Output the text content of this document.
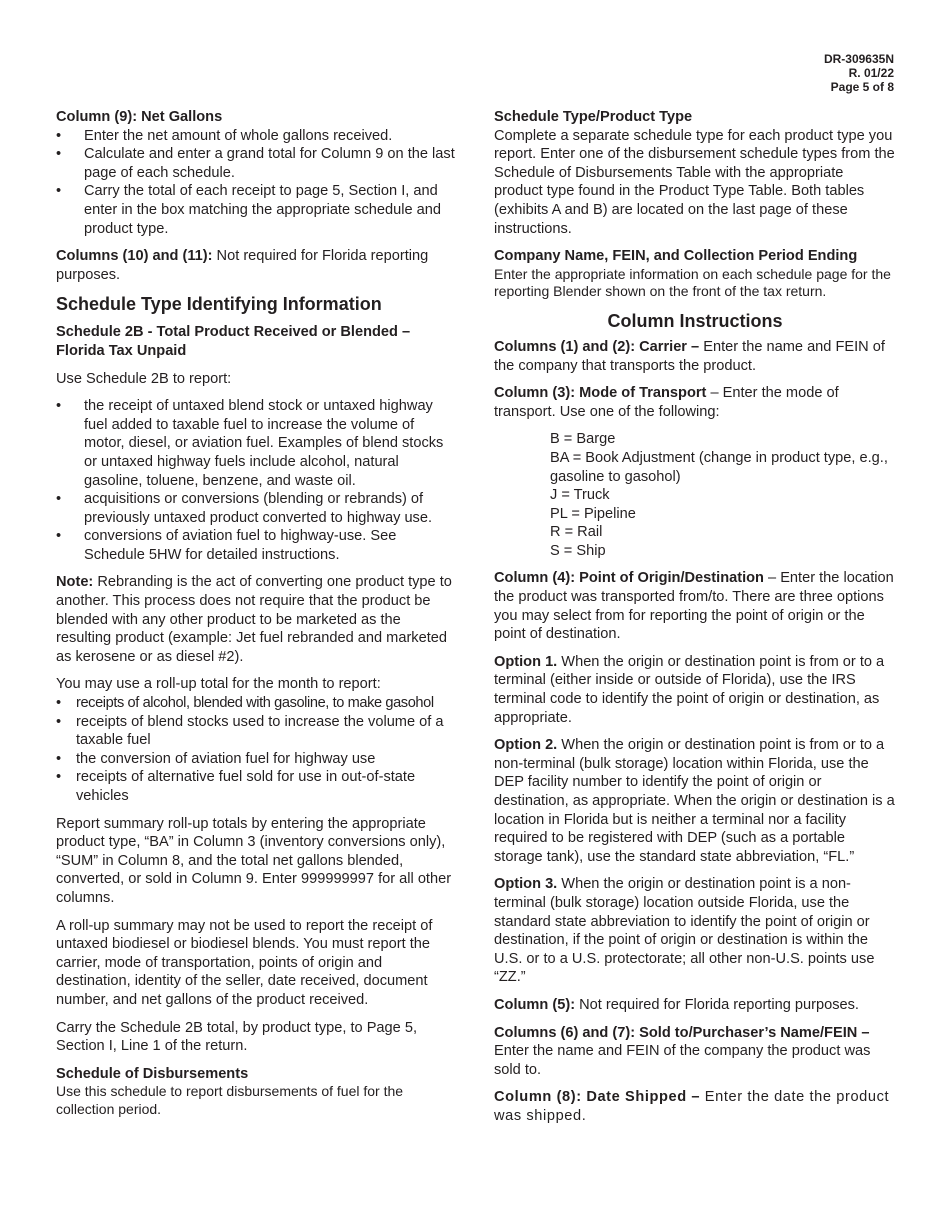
DR-309635N
R. 01/22
Page 5 of 8
Column (9): Net Gallons
• Enter the net amount of whole gallons received.
• Calculate and enter a grand total for Column 9 on the last page of each schedule.
• Carry the total of each receipt to page 5, Section I, and enter in the box matching the appropriate schedule and product type.

Columns (10) and (11): Not required for Florida reporting purposes.

Schedule Type Identifying Information
Schedule 2B - Total Product Received or Blended – Florida Tax Unpaid

Use Schedule 2B to report:

• the receipt of untaxed blend stock or untaxed highway fuel added to taxable fuel to increase the volume of motor, diesel, or aviation fuel. Examples of blend stocks or untaxed highway fuels include alcohol, natural gasoline, toluene, benzene, and waste oil.
• acquisitions or conversions (blending or rebrands) of previously untaxed product converted to highway use.
• conversions of aviation fuel to highway-use. See Schedule 5HW for detailed instructions.

Note: Rebranding is the act of converting one product type to another. This process does not require that the product be blended with any other product to be marketed as the resulting product (example: Jet fuel rebranded and marketed as kerosene or as diesel #2).

You may use a roll-up total for the month to report:

• receipts of alcohol, blended with gasoline, to make gasohol
• receipts of blend stocks used to increase the volume of a taxable fuel
• the conversion of aviation fuel for highway use
• receipts of alternative fuel sold for use in out-of-state vehicles

Report summary roll-up totals by entering the appropriate product type, “BA” in Column 3 (inventory conversions only), “SUM” in Column 8, and the total net gallons blended, converted, or sold in Column 9. Enter 999999997 for all other columns.

A roll-up summary may not be used to report the receipt of untaxed biodiesel or biodiesel blends. You must report the carrier, mode of transportation, points of origin and destination, identity of the seller, date received, document number, and net gallons of the product received.

Carry the Schedule 2B total, by product type, to Page 5, Section I, Line 1 of the return.

Schedule of Disbursements

Use this schedule to report disbursements of fuel for the collection period.

Schedule Type/Product Type

Complete a separate schedule type for each product type you report. Enter one of the disbursement schedule types from the Schedule of Disbursements Table with the appropriate product type found in the Product Type Table. Both tables (exhibits A and B) are located on the last page of these instructions.

Company Name, FEIN, and Collection Period Ending

Enter the appropriate information on each schedule page for the reporting Blender shown on the front of the tax return.

Column Instructions

Columns (1) and (2): Carrier – Enter the name and FEIN of the company that transports the product.

Column (3): Mode of Transport – Enter the mode of transport. Use one of the following:

B = Barge
BA = Book Adjustment (change in product type, e.g., gasoline to gasohol)
J = Truck
PL = Pipeline
R = Rail
S = Ship

Column (4): Point of Origin/Destination – Enter the location the product was transported from/to. There are three options you may select from for reporting the point of origin or the point of destination.

Option 1. When the origin or destination point is from or to a terminal (either inside or outside of Florida), use the IRS terminal code to identify the point of origin or destination, as appropriate.

Option 2. When the origin or destination point is from or to a non-terminal (bulk storage) location within Florida, use the DEP facility number to identify the point of origin or destination, as appropriate. When the origin or destination is a location in Florida but is neither a terminal nor a facility required to be registered with DEP (such as a portable storage tank), use the standard state abbreviation, “FL.”

Option 3. When the origin or destination point is a non-terminal (bulk storage) location outside Florida, use the standard state abbreviation to identify the point of origin or destination, if the point of origin or destination is within the U.S. or to a U.S. protectorate; all other non-U.S. points use “ZZ.”

Column (5): Not required for Florida reporting purposes.

Columns (6) and (7): Sold to/Purchaser’s Name/FEIN – Enter the name and FEIN of the company the product was sold to.

Column (8): Date Shipped – Enter the date the product was shipped.
